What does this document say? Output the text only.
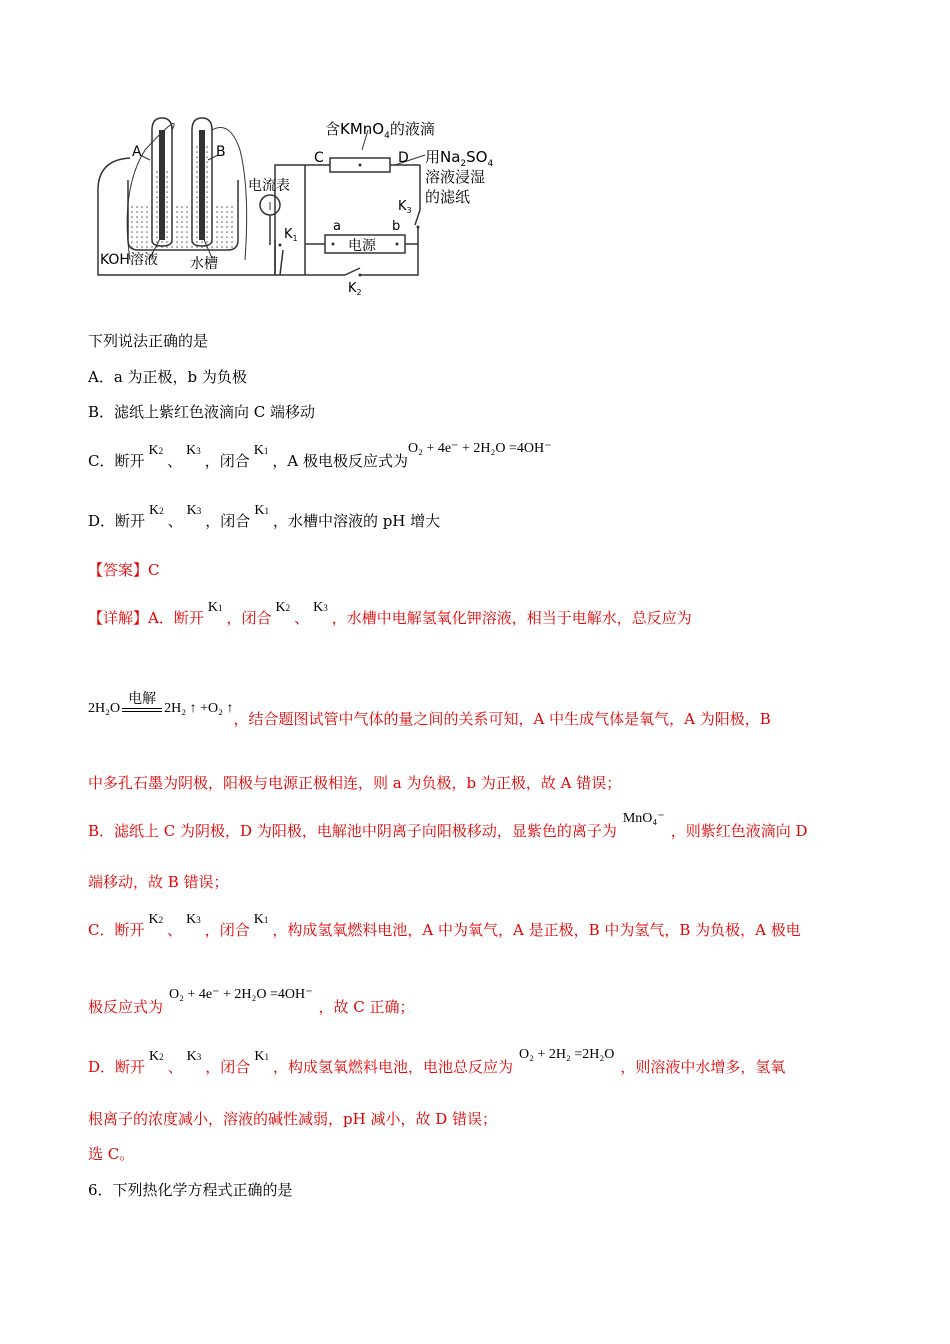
A	B	C	D
含KMnO$_4$的液滴
用$Na_2SO_4$
溶液浸湿
的滤纸
电流表
$K_1$
$K_3$
$K_2$
a	b
电源
KOH溶液 水槽
下列说法正确的是
A．a 为正极，b 为负极
B．滤纸上紫红色液滴向 C 端移动
C．断开K2、K3，闭合K1，A 极电极反应式为O₂ + 4e⁻ + 2H₂O =4OH⁻
D．断开K2、K3，闭合K1，水槽中溶液的 pH 增大
【答案】C
【详解】A．断开K1，闭合K2、K3，水槽中电解氢氧化钾溶液，相当于电解水，总反应为
2H₂O
电解
2H₂ ↑ +O₂ ↑，结合题图试管中气体的量之间的关系可知，A 中生成气体是氧气，A 为阳极，B
中多孔石墨为阴极，阳极与电源正极相连，则 a 为负极，b 为正极，故 A 错误；
B．滤纸上 C 为阴极，D 为阳极，电解池中阴离子向阳极移动，显紫色的离子为MnO₄⁻，则紫红色液滴向 D
端移动，故 B 错误；
C．断开K2、K3，闭合K1，构成氢氧燃料电池，A 中为氧气，A 是正极，B 中为氢气，B 为负极，A 极电
极反应式为O₂ + 4e⁻ + 2H₂O =4OH⁻，故 C 正确；
D．断开K2、K3，闭合K1，构成氢氧燃料电池，电池总反应为O₂ + 2H₂ =2H₂O，则溶液中水增多，氢氧
根离子的浓度减小，溶液的碱性减弱，pH 减小，故 D 错误；
选 C。
6．下列热化学方程式正确的是
